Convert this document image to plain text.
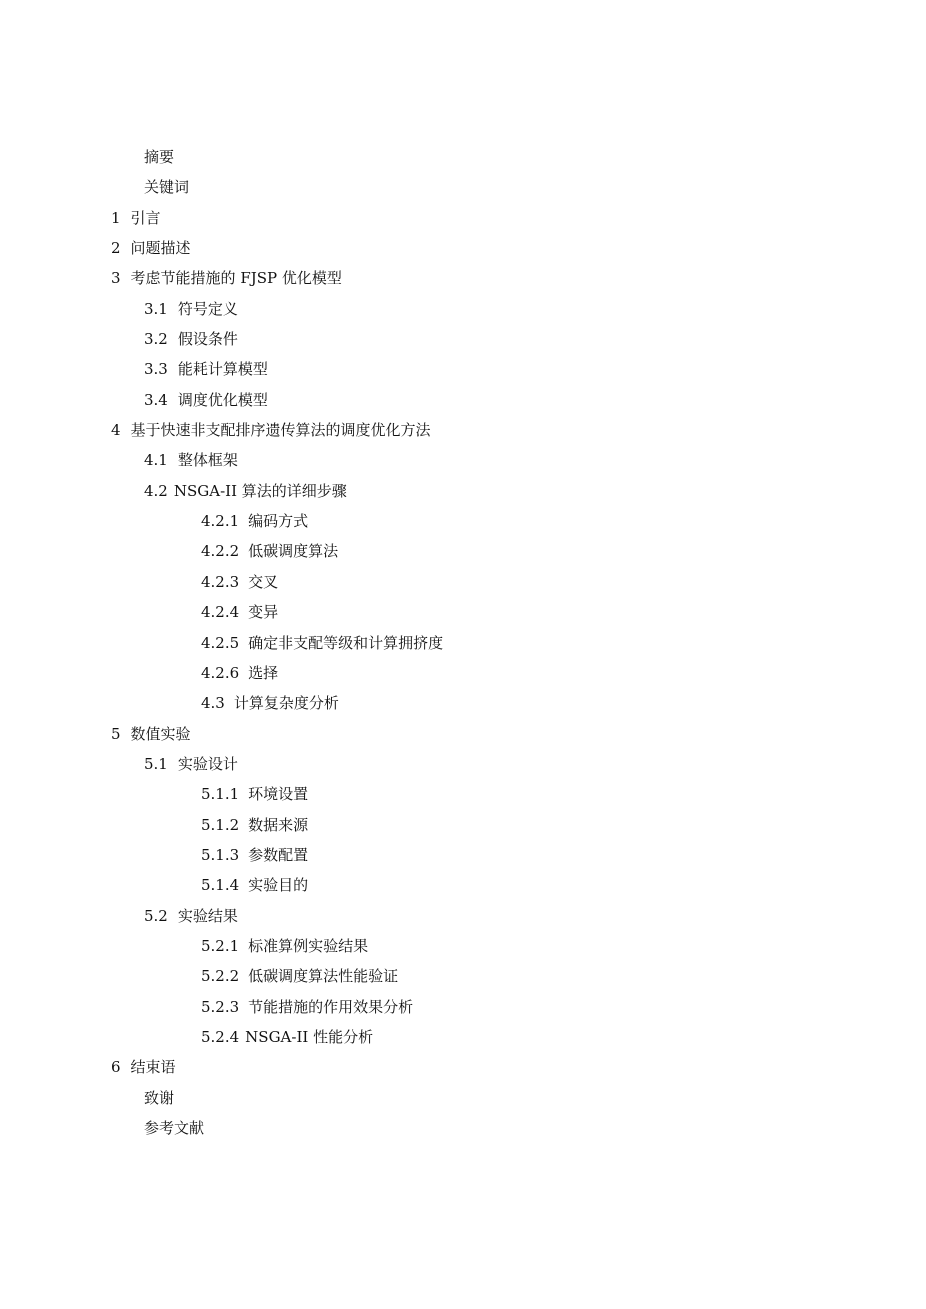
摘要
关键词
1 引言
2 问题描述
3 考虑节能措施的 FJSP 优化模型
3.1 符号定义
3.2 假设条件
3.3 能耗计算模型
3.4 调度优化模型
4 基于快速非支配排序遗传算法的调度优化方法
4.1 整体框架
4.2 NSGA-II 算法的详细步骤
4.2.1 编码方式
4.2.2 低碳调度算法
4.2.3 交叉
4.2.4 变异
4.2.5 确定非支配等级和计算拥挤度
4.2.6 选择
4.3 计算复杂度分析
5 数值实验
5.1 实验设计
5.1.1 环境设置
5.1.2 数据来源
5.1.3 参数配置
5.1.4 实验目的
5.2 实验结果
5.2.1 标准算例实验结果
5.2.2 低碳调度算法性能验证
5.2.3 节能措施的作用效果分析
5.2.4 NSGA-II 性能分析
6 结束语
致谢
参考文献
